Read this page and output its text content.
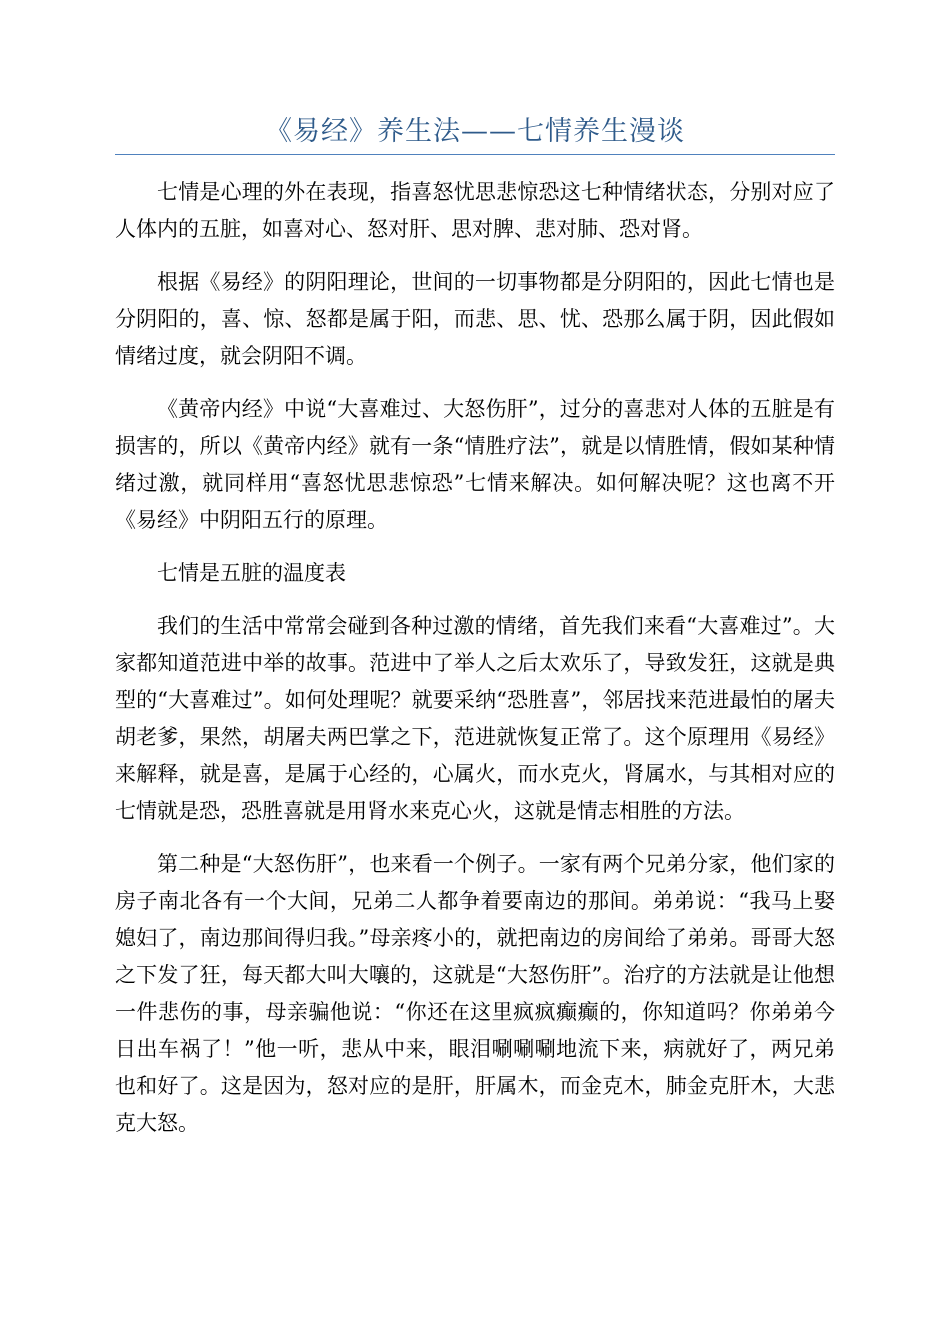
《易经》养生法——七情养生漫谈

七情是心理的外在表现，指喜怒忧思悲惊恐这七种情绪状态，分别对应了人体内的五脏，如喜对心、怒对肝、思对脾、悲对肺、恐对肾。

根据《易经》的阴阳理论，世间的一切事物都是分阴阳的，因此七情也是分阴阳的，喜、惊、怒都是属于阳，而悲、思、忧、恐那么属于阴，因此假如情绪过度，就会阴阳不调。

《黄帝内经》中说“大喜难过、大怒伤肝”，过分的喜悲对人体的五脏是有损害的，所以《黄帝内经》就有一条“情胜疗法”，就是以情胜情，假如某种情绪过激，就同样用“喜怒忧思悲惊恐”七情来解决。如何解决呢？这也离不开《易经》中阴阳五行的原理。

七情是五脏的温度表

我们的生活中常常会碰到各种过激的情绪，首先我们来看“大喜难过”。大家都知道范进中举的故事。范进中了举人之后太欢乐了，导致发狂，这就是典型的“大喜难过”。如何处理呢？就要采纳“恐胜喜”，邻居找来范进最怕的屠夫胡老爹，果然，胡屠夫两巴掌之下，范进就恢复正常了。这个原理用《易经》来解释，就是喜，是属于心经的，心属火，而水克火，肾属水，与其相对应的七情就是恐，恐胜喜就是用肾水来克心火，这就是情志相胜的方法。

第二种是“大怒伤肝”，也来看一个例子。一家有两个兄弟分家，他们家的房子南北各有一个大间，兄弟二人都争着要南边的那间。弟弟说：“我马上娶媳妇了，南边那间得归我。”母亲疼小的，就把南边的房间给了弟弟。哥哥大怒之下发了狂，每天都大叫大嚷的，这就是“大怒伤肝”。治疗的方法就是让他想一件悲伤的事，母亲骗他说：“你还在这里疯疯癫癫的，你知道吗？你弟弟今日出车祸了！”他一听，悲从中来，眼泪唰唰唰地流下来，病就好了，两兄弟也和好了。这是因为，怒对应的是肝，肝属木，而金克木，肺金克肝木，大悲克大怒。
